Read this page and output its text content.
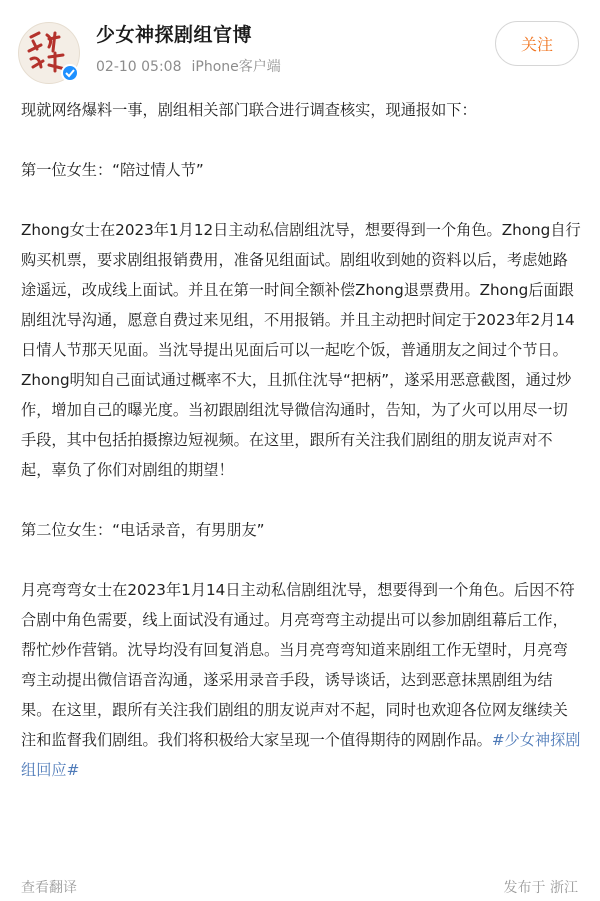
少女神探剧组官博
02-10 05:08 iPhone客户端
关注

现就网络爆料一事，剧组相关部门联合进行调查核实，现通报如下：

第一位女生：“陪过情人节”

Zhong女士在2023年1月12日主动私信剧组沈导，想要得到一个角色。Zhong自行购买机票，要求剧组报销费用，准备见组面试。剧组收到她的资料以后，考虑她路途遥远，改成线上面试。并且在第一时间全额补偿Zhong退票费用。Zhong后面跟剧组沈导沟通，愿意自费过来见组，不用报销。并且主动把时间定于2023年2月14日情人节那天见面。当沈导提出见面后可以一起吃个饭，普通朋友之间过个节日。Zhong明知自己面试通过概率不大，且抓住沈导“把柄”，遂采用恶意截图，通过炒作，增加自己的曝光度。当初跟剧组沈导微信沟通时，告知，为了火可以用尽一切手段，其中包括拍摄擦边短视频。在这里，跟所有关注我们剧组的朋友说声对不起，辜负了你们对剧组的期望！

第二位女生：“电话录音，有男朋友”

月亮弯弯女士在2023年1月14日主动私信剧组沈导，想要得到一个角色。后因不符合剧中角色需要，线上面试没有通过。月亮弯弯主动提出可以参加剧组幕后工作，帮忙炒作营销。沈导均没有回复消息。当月亮弯弯知道来剧组工作无望时，月亮弯弯主动提出微信语音沟通，遂采用录音手段，诱导谈话，达到恶意抹黑剧组为结果。在这里，跟所有关注我们剧组的朋友说声对不起，同时也欢迎各位网友继续关注和监督我们剧组。我们将积极给大家呈现一个值得期待的网剧作品。#少女神探剧组回应#

查看翻译	发布于 浙江
